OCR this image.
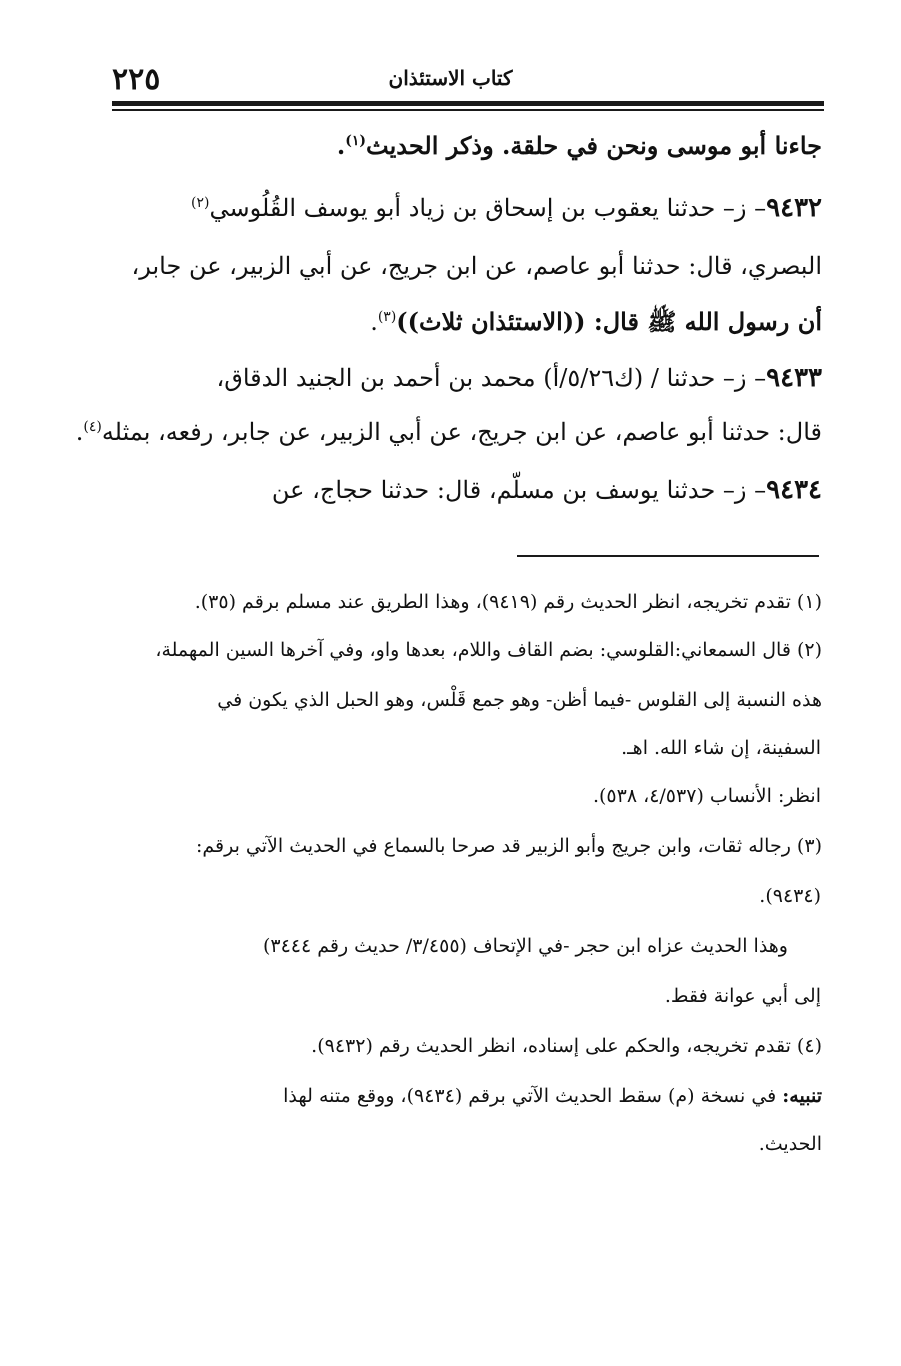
٢٢٥	كتاب الاستئذان
جاءنا أبو موسى ونحن في حلقة. وذكر الحديث$^{(١)}$.
٩٤٣٢– ز– حدثنا يعقوب بن إسحاق بن زياد أبو يوسف القُلُوسي$^{(٢)}$
البصري، قال: حدثنا أبو عاصم، عن ابن جريج، عن أبي الزبير، عن جابر،
أن رسول الله ﷺ قال: ((الاستئذان ثلاث))$^{(٣)}$.
٩٤٣٣– ز– حدثنا / (ك٥/٢٦/أ) محمد بن أحمد بن الجنيد الدقاق،
قال: حدثنا أبو عاصم، عن ابن جريج، عن أبي الزبير، عن جابر، رفعه، بمثله$^{(٤)}$.
٩٤٣٤– ز– حدثنا يوسف بن مسلّم، قال: حدثنا حجاج، عن
(١) تقدم تخريجه، انظر الحديث رقم (٩٤١٩)، وهذا الطريق عند مسلم برقم (٣٥).
(٢) قال السمعاني:القلوسي: بضم القاف واللام، بعدها واو، وفي آخرها السين المهملة،
هذه النسبة إلى القلوس -فيما أظن- وهو جمع قَلْس، وهو الحبل الذي يكون في
السفينة، إن شاء الله. اهـ.
انظر: الأنساب (٤/٥٣٧، ٥٣٨).
(٣) رجاله ثقات، وابن جريج وأبو الزبير قد صرحا بالسماع في الحديث الآتي برقم:
(٩٤٣٤).
وهذا الحديث عزاه ابن حجر -في الإتحاف (٣/٤٥٥/ حديث رقم ٣٤٤٤)
إلى أبي عوانة فقط.
(٤) تقدم تخريجه، والحكم على إسناده، انظر الحديث رقم (٩٤٣٢).
تنبيه: في نسخة (م) سقط الحديث الآتي برقم (٩٤٣٤)، ووقع متنه لهذا
الحديث.
